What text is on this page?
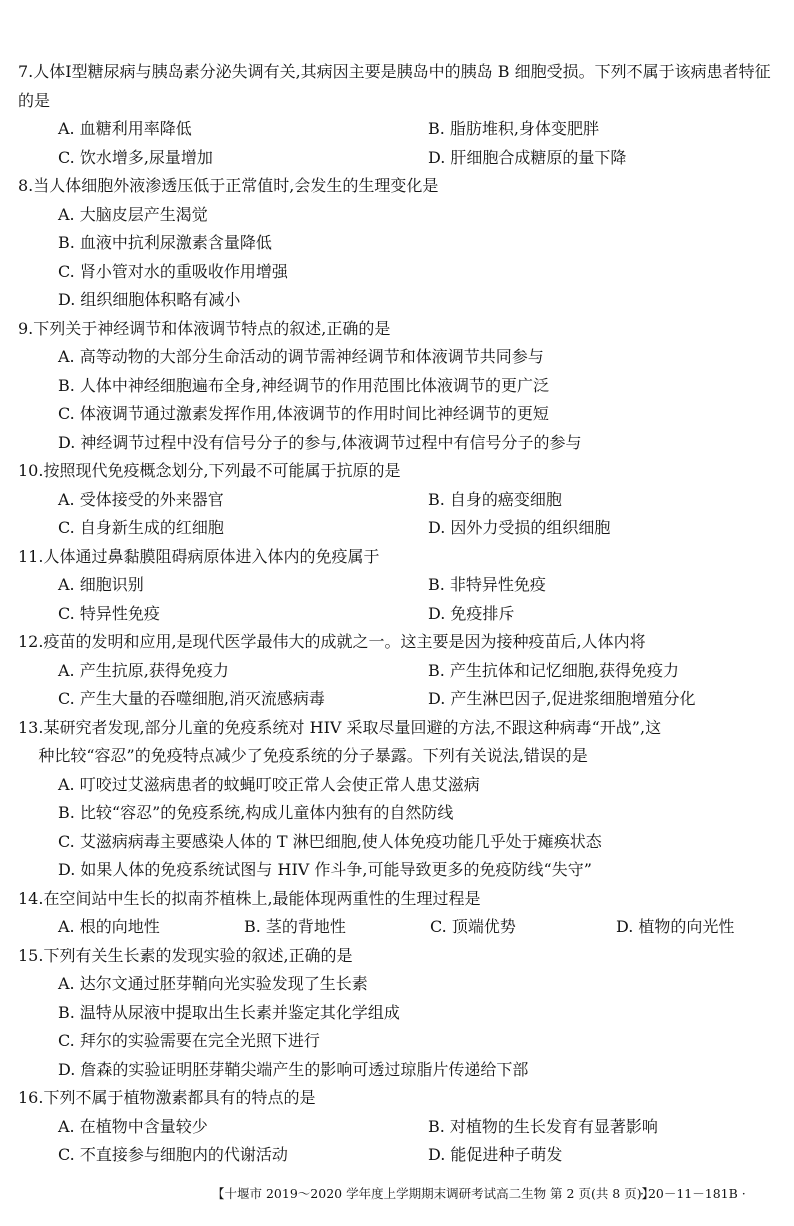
7.人体Ⅰ型糖尿病与胰岛素分泌失调有关,其病因主要是胰岛中的胰岛 B 细胞受损。下列不属于该病患者特征的是
A. 血糖利用率降低	B. 脂肪堆积,身体变肥胖
C. 饮水增多,尿量增加	D. 肝细胞合成糖原的量下降
8.当人体细胞外液渗透压低于正常值时,会发生的生理变化是
A. 大脑皮层产生渴觉
B. 血液中抗利尿激素含量降低
C. 肾小管对水的重吸收作用增强
D. 组织细胞体积略有减小
9.下列关于神经调节和体液调节特点的叙述,正确的是
A. 高等动物的大部分生命活动的调节需神经调节和体液调节共同参与
B. 人体中神经细胞遍布全身,神经调节的作用范围比体液调节的更广泛
C. 体液调节通过激素发挥作用,体液调节的作用时间比神经调节的更短
D. 神经调节过程中没有信号分子的参与,体液调节过程中有信号分子的参与
10.按照现代免疫概念划分,下列最不可能属于抗原的是
A. 受体接受的外来器官	B. 自身的癌变细胞
C. 自身新生成的红细胞	D. 因外力受损的组织细胞
11.人体通过鼻黏膜阻碍病原体进入体内的免疫属于
A. 细胞识别	B. 非特异性免疫
C. 特异性免疫	D. 免疫排斥
12.疫苗的发明和应用,是现代医学最伟大的成就之一。这主要是因为接种疫苗后,人体内将
A. 产生抗原,获得免疫力	B. 产生抗体和记忆细胞,获得免疫力
C. 产生大量的吞噬细胞,消灭流感病毒	D. 产生淋巴因子,促进浆细胞增殖分化
13.某研究者发现,部分儿童的免疫系统对 HIV 采取尽量回避的方法,不跟这种病毒“开战”,这
种比较“容忍”的免疫特点减少了免疫系统的分子暴露。下列有关说法,错误的是
A. 叮咬过艾滋病患者的蚊蝇叮咬正常人会使正常人患艾滋病
B. 比较“容忍”的免疫系统,构成儿童体内独有的自然防线
C. 艾滋病病毒主要感染人体的 T 淋巴细胞,使人体免疫功能几乎处于瘫痪状态
D. 如果人体的免疫系统试图与 HIV 作斗争,可能导致更多的免疫防线“失守”
14.在空间站中生长的拟南芥植株上,最能体现两重性的生理过程是
A. 根的向地性	B. 茎的背地性	C. 顶端优势	D. 植物的向光性
15.下列有关生长素的发现实验的叙述,正确的是
A. 达尔文通过胚芽鞘向光实验发现了生长素
B. 温特从尿液中提取出生长素并鉴定其化学组成
C. 拜尔的实验需要在完全光照下进行
D. 詹森的实验证明胚芽鞘尖端产生的影响可透过琼脂片传递给下部
16.下列不属于植物激素都具有的特点的是
A. 在植物中含量较少	B. 对植物的生长发育有显著影响
C. 不直接参与细胞内的代谢活动	D. 能促进种子萌发
【十堰市 2019～2020 学年度上学期期末调研考试高二生物 第 2 页(共 8 页)】
· 20－11－181B ·
